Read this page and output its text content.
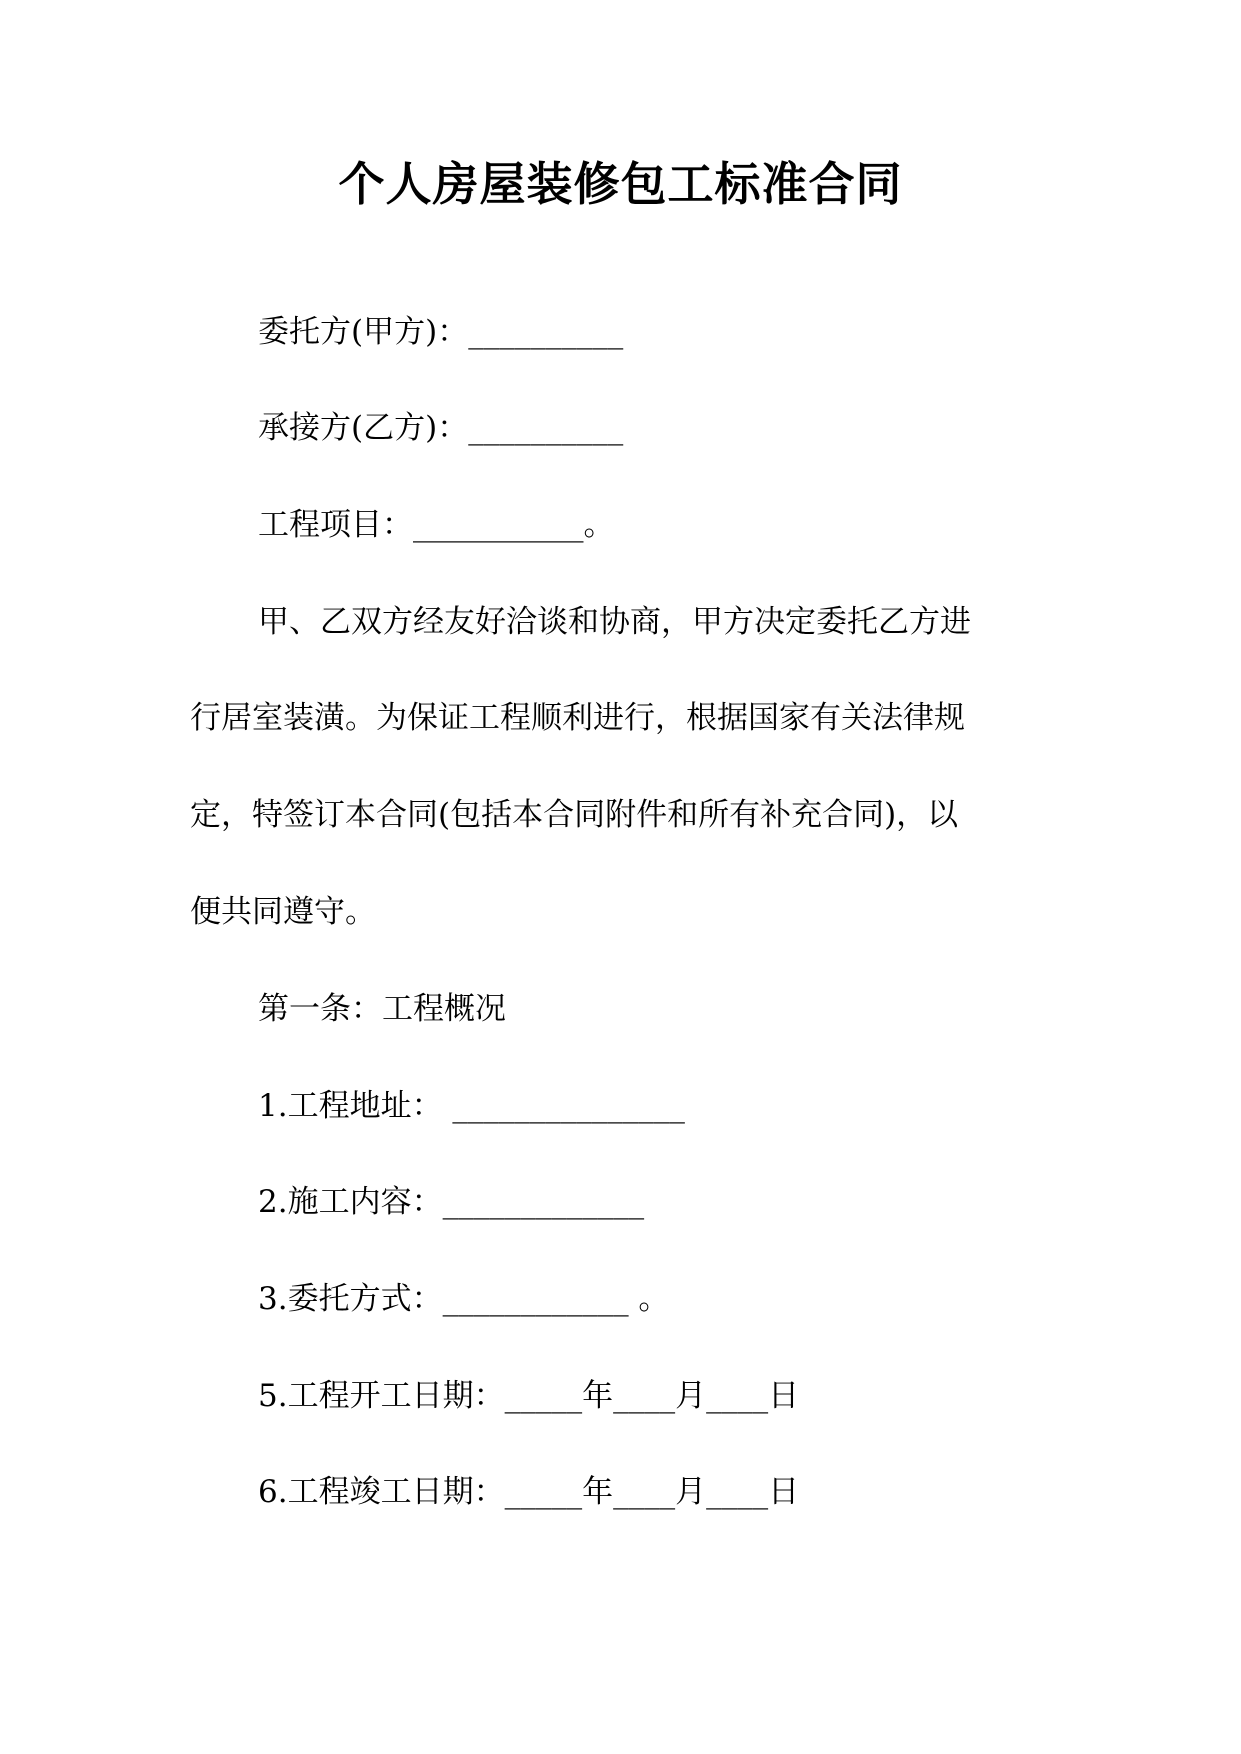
个人房屋装修包工标准合同
委托方(甲方)：__________
承接方(乙方)：__________
工程项目：___________。
甲、乙双方经友好洽谈和协商，甲方决定委托乙方进
行居室装潢。为保证工程顺利进行，根据国家有关法律规
定，特签订本合同(包括本合同附件和所有补充合同)，以
便共同遵守。
第一条：工程概况
1.工程地址： _______________
2.施工内容：_____________
3.委托方式：____________ 。
5.工程开工日期：_____年____月____日
6.工程竣工日期：_____年____月____日
